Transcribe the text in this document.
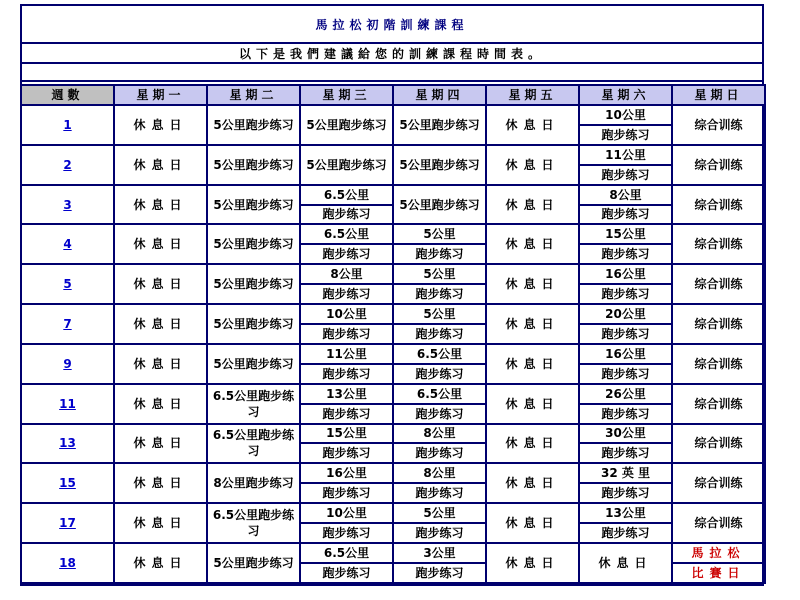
馬拉松初階訓練課程
以下是我們建議給您的訓練課程時間表。
週數	星期一	星期二	星期三	星期四	星期五	星期六	星期日
1	休息日	5公里跑步练习	5公里跑步练习	5公里跑步练习	休息日	10公里	综合训练
						跑步练习	
2	休息日	5公里跑步练习	5公里跑步练习	5公里跑步练习	休息日	11公里	综合训练
						跑步练习	
3	休息日	5公里跑步练习	6.5公里	5公里跑步练习	休息日	8公里	综合训练
			跑步练习			跑步练习	
4	休息日	5公里跑步练习	6.5公里	5公里	休息日	15公里	综合训练
			跑步练习	跑步练习		跑步练习	
5	休息日	5公里跑步练习	8公里	5公里	休息日	16公里	综合训练
			跑步练习	跑步练习		跑步练习	
7	休息日	5公里跑步练习	10公里	5公里	休息日	20公里	综合训练
			跑步练习	跑步练习		跑步练习	
9	休息日	5公里跑步练习	11公里	6.5公里	休息日	16公里	综合训练
			跑步练习	跑步练习		跑步练习	
11	休息日	6.5公里跑步练习	13公里	6.5公里	休息日	26公里	综合训练
			跑步练习	跑步练习		跑步练习	
13	休息日	6.5公里跑步练习	15公里	8公里	休息日	30公里	综合训练
			跑步练习	跑步练习		跑步练习	
15	休息日	8公里跑步练习	16公里	8公里	休息日	32 英 里	综合训练
			跑步练习	跑步练习		跑步练习	
17	休息日	6.5公里跑步练习	10公里	5公里	休息日	13公里	综合训练
			跑步练习	跑步练习		跑步练习	
18	休息日	5公里跑步练习	6.5公里	3公里	休息日	休息日	馬拉松
			跑步练习	跑步练习			比賽日
